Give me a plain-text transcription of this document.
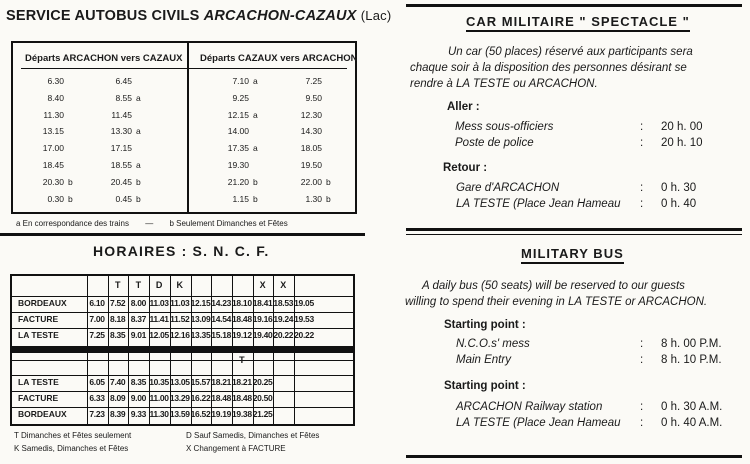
SERVICE AUTOBUS CIVILS ARCACHON-CAZAUX (Lac)
Départs ARCACHON vers CAZAUX Départs CAZAUX vers ARCACHON
6.30	6.45
8.40	8.55 a
11.30	11.45
13.15	13.30 a
17.00	17.15
18.45	18.55 a
20.30 b	20.45 b
0.30 b	0.45 b
7.10 a	7.25
9.25	9.50
12.15 a	12.30
14.00	14.30
17.35 a	18.05
19.30	19.50
21.20 b	22.00 b
1.15 b	1.30 b
a En correspondance des trains — b Seulement Dimanches et Fêtes
HORAIRES : S. N. C. F.
T	T	D	K	X	X
BORDEAUX	6.10 7.52 8.00 11.03 11.03 12.15 14.23 18.10 18.41 18.53 19.05
FACTURE	7.00 8.18 8.37 11.41 11.52 13.09 14.54 18.48 19.16 19.24 19.53
LA TESTE	7.25 8.35 9.01 12.05 12.16 13.35 15.18 19.12 19.40 20.22 20.22
T
LA TESTE	6.05 7.40 8.35 10.35 13.05 15.57 18.21 18.21 20.25
FACTURE	6.33 8.09 9.00 11.00 13.29 16.22 18.48 18.48 20.50
BORDEAUX	7.23 8.39 9.33 11.30 13.59 16.52 19.19 19.38 21.25
T Dimanches et Fêtes seulement	D Sauf Samedis, Dimanches et Fêtes
K Samedis, Dimanches et Fêtes	X Changement à FACTURE
CAR MILITAIRE " SPECTACLE "
Un car (50 places) réservé aux participants sera
chaque soir à la disposition des personnes désirant se
rendre à LA TESTE ou ARCACHON.
Aller :
Mess sous-officiers	: 20 h. 00
Poste de police	: 20 h. 10
Retour :
Gare d'ARCACHON	: 0 h. 30
LA TESTE (Place Jean Hameau : 0 h. 40
MILITARY BUS
A daily bus (50 seats) will be reserved to our guests
willing to spend their evening in LA TESTE or ARCACHON.
Starting point :
N.C.O.s' mess	: 8 h. 00 P.M.
Main Entry	: 8 h. 10 P.M.
Starting point :
ARCACHON Railway station	: 0 h. 30 A.M.
LA TESTE (Place Jean Hameau : 0 h. 40 A.M.
